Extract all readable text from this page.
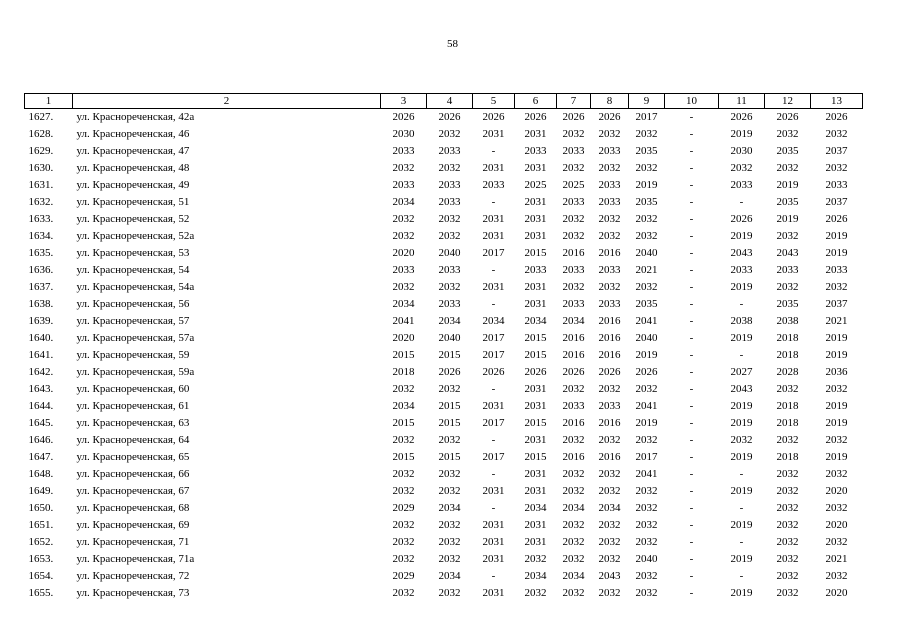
58
1	2	3	4	5	6	7	8	9	10	11	12	13
1627.	ул. Краснореченская, 42а	2026	2026	2026	2026	2026	2026	2017	-	2026	2026	2026
1628.	ул. Краснореченская, 46	2030	2032	2031	2031	2032	2032	2032	-	2019	2032	2032
1629.	ул. Краснореченская, 47	2033	2033	-	2033	2033	2033	2035	-	2030	2035	2037
1630.	ул. Краснореченская, 48	2032	2032	2031	2031	2032	2032	2032	-	2032	2032	2032
1631.	ул. Краснореченская, 49	2033	2033	2033	2025	2025	2033	2019	-	2033	2019	2033
1632.	ул. Краснореченская, 51	2034	2033	-	2031	2033	2033	2035	-	-	2035	2037
1633.	ул. Краснореченская, 52	2032	2032	2031	2031	2032	2032	2032	-	2026	2019	2026
1634.	ул. Краснореченская, 52а	2032	2032	2031	2031	2032	2032	2032	-	2019	2032	2019
1635.	ул. Краснореченская, 53	2020	2040	2017	2015	2016	2016	2040	-	2043	2043	2019
1636.	ул. Краснореченская, 54	2033	2033	-	2033	2033	2033	2021	-	2033	2033	2033
1637.	ул. Краснореченская, 54а	2032	2032	2031	2031	2032	2032	2032	-	2019	2032	2032
1638.	ул. Краснореченская, 56	2034	2033	-	2031	2033	2033	2035	-	-	2035	2037
1639.	ул. Краснореченская, 57	2041	2034	2034	2034	2034	2016	2041	-	2038	2038	2021
1640.	ул. Краснореченская, 57а	2020	2040	2017	2015	2016	2016	2040	-	2019	2018	2019
1641.	ул. Краснореченская, 59	2015	2015	2017	2015	2016	2016	2019	-	-	2018	2019
1642.	ул. Краснореченская, 59а	2018	2026	2026	2026	2026	2026	2026	-	2027	2028	2036
1643.	ул. Краснореченская, 60	2032	2032	-	2031	2032	2032	2032	-	2043	2032	2032
1644.	ул. Краснореченская, 61	2034	2015	2031	2031	2033	2033	2041	-	2019	2018	2019
1645.	ул. Краснореченская, 63	2015	2015	2017	2015	2016	2016	2019	-	2019	2018	2019
1646.	ул. Краснореченская, 64	2032	2032	-	2031	2032	2032	2032	-	2032	2032	2032
1647.	ул. Краснореченская, 65	2015	2015	2017	2015	2016	2016	2017	-	2019	2018	2019
1648.	ул. Краснореченская, 66	2032	2032	-	2031	2032	2032	2041	-	-	2032	2032
1649.	ул. Краснореченская, 67	2032	2032	2031	2031	2032	2032	2032	-	2019	2032	2020
1650.	ул. Краснореченская, 68	2029	2034	-	2034	2034	2034	2032	-	-	2032	2032
1651.	ул. Краснореченская, 69	2032	2032	2031	2031	2032	2032	2032	-	2019	2032	2020
1652.	ул. Краснореченская, 71	2032	2032	2031	2031	2032	2032	2032	-	-	2032	2032
1653.	ул. Краснореченская, 71а	2032	2032	2031	2032	2032	2032	2040	-	2019	2032	2021
1654.	ул. Краснореченская, 72	2029	2034	-	2034	2034	2043	2032	-	-	2032	2032
1655.	ул. Краснореченская, 73	2032	2032	2031	2032	2032	2032	2032	-	2019	2032	2020
